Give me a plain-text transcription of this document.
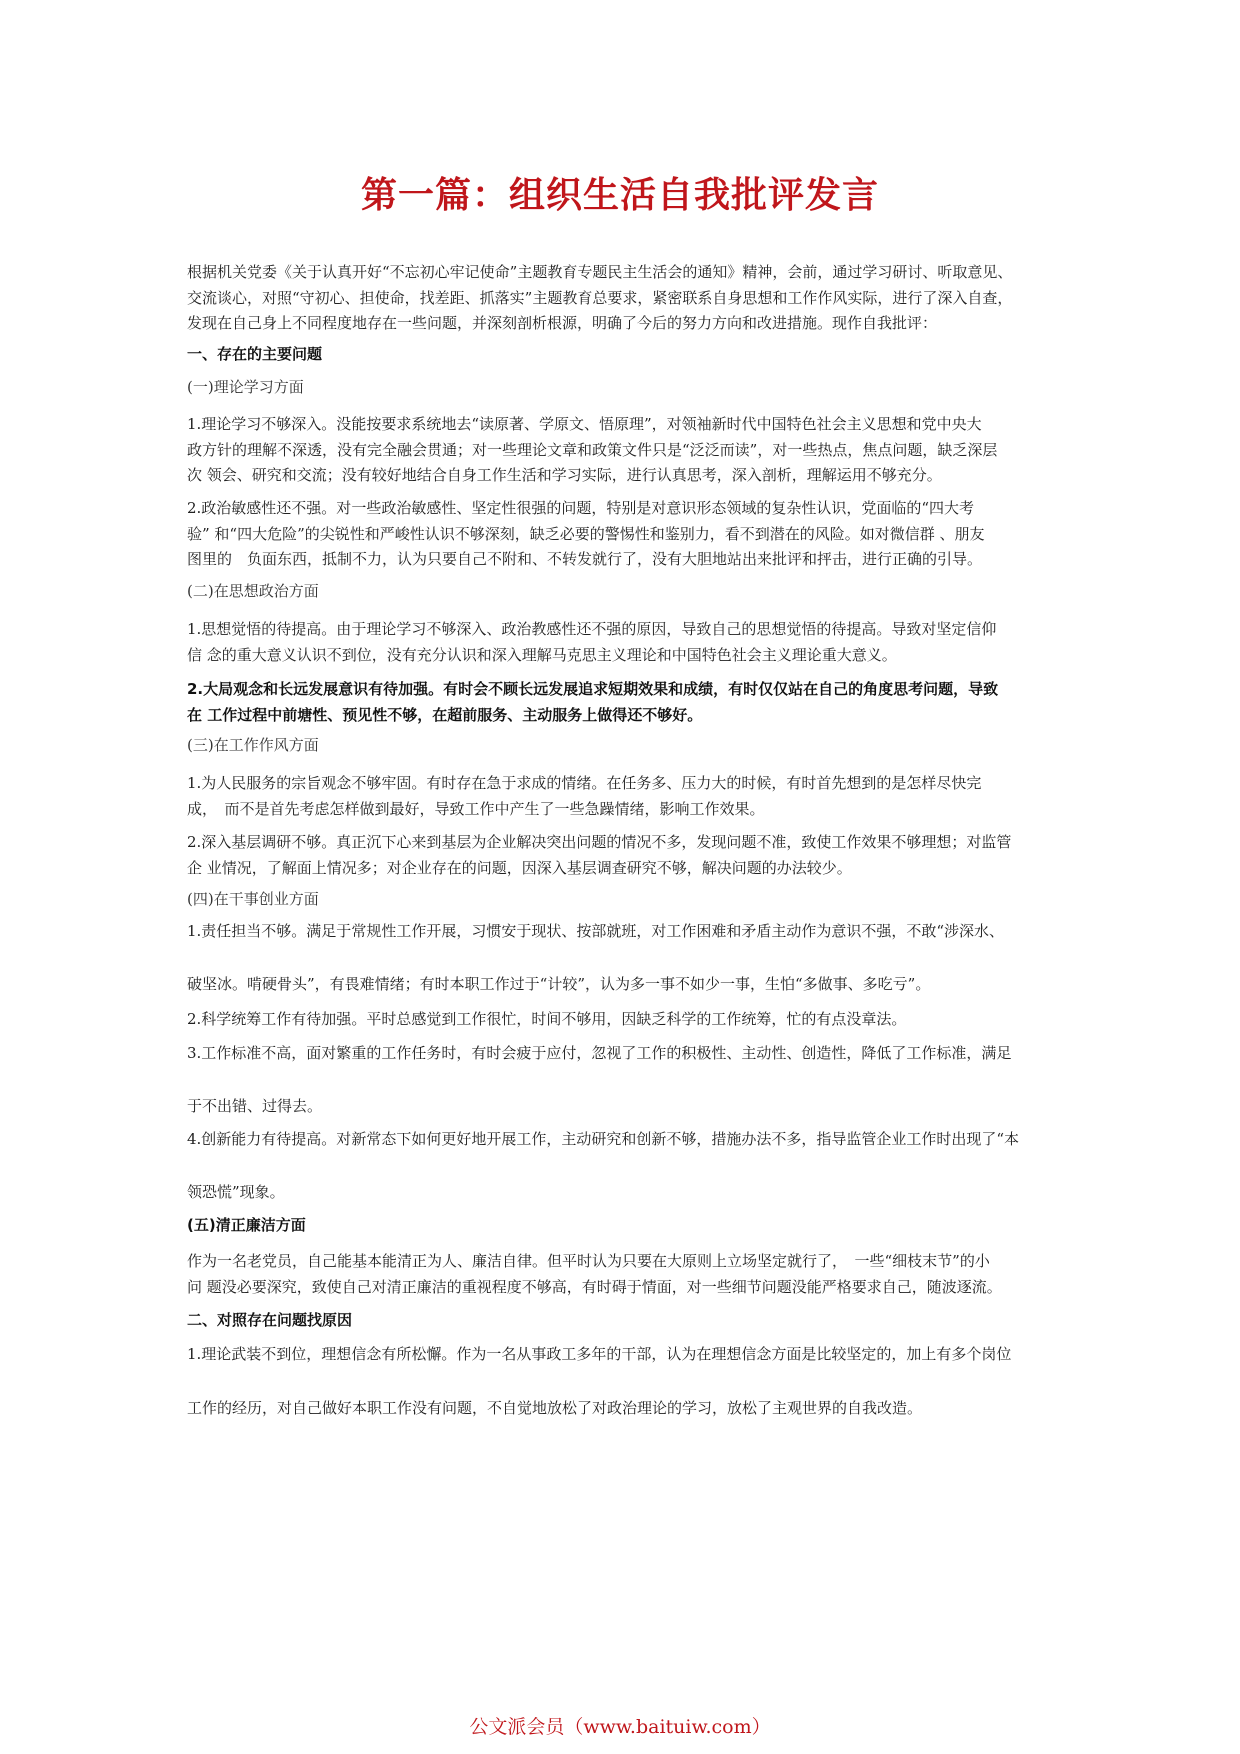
第一篇：组织生活自我批评发言

根据机关党委《关于认真开好“不忘初心牢记使命”主题教育专题民主生活会的通知》精神，会前，通过学习研讨、听取意见、
交流谈心，对照“守初心、担使命，找差距、抓落实”主题教育总要求，紧密联系自身思想和工作作风实际，进行了深入自查，
发现在自己身上不同程度地存在一些问题，并深刻剖析根源，明确了今后的努力方向和改进措施。现作自我批评：

一、存在的主要问题

(一)理论学习方面

1.理论学习不够深入。没能按要求系统地去“读原著、学原文、悟原理”，对领袖新时代中国特色社会主义思想和党中央大
政方针的理解不深透，没有完全融会贯通；对一些理论文章和政策文件只是“泛泛而读”，对一些热点，焦点问题，缺乏深层
次 领会、研究和交流；没有较好地结合自身工作生活和学习实际，进行认真思考，深入剖析，理解运用不够充分。

2.政治敏感性还不强。对一些政治敏感性、坚定性很强的问题，特别是对意识形态领域的复杂性认识，党面临的“四大考
验” 和“四大危险”的尖锐性和严峻性认识不够深刻，缺乏必要的警惕性和鉴别力，看不到潜在的风险。如对微信群 、朋友
图里的　负面东西，抵制不力，认为只要自己不附和、不转发就行了，没有大胆地站出来批评和抨击，进行正确的引导。

(二)在思想政治方面

1.思想觉悟的待提高。由于理论学习不够深入、政治教感性还不强的原因，导致自己的思想觉悟的待提高。导致对坚定信仰
信 念的重大意义认识不到位，没有充分认识和深入理解马克思主义理论和中国特色社会主义理论重大意义。

2.大局观念和长远发展意识有待加强。有时会不顾长远发展追求短期效果和成绩，有时仅仅站在自己的角度思考问题，导致
在 工作过程中前塘性、预见性不够，在超前服务、主动服务上做得还不够好。

(三)在工作作风方面

1.为人民服务的宗旨观念不够牢固。有时存在急于求成的情绪。在任务多、压力大的时候，有时首先想到的是怎样尽快完
成，　而不是首先考虑怎样做到最好，导致工作中产生了一些急躁情绪，影响工作效果。

2.深入基层调研不够。真正沉下心来到基层为企业解决突出问题的情况不多，发现问题不准，致使工作效果不够理想；对监管
企 业情况，了解面上情况多；对企业存在的问题，因深入基层调查研究不够，解决问题的办法较少。

(四)在干事创业方面

1.责任担当不够。满足于常规性工作开展，习惯安于现状、按部就班，对工作困难和矛盾主动作为意识不强，不敢“涉深水、

破坚冰。啃硬骨头”，有畏难情绪；有时本职工作过于“计较”，认为多一事不如少一事，生怕“多做事、多吃亏”。

2.科学统筹工作有待加强。平时总感觉到工作很忙，时间不够用，因缺乏科学的工作统筹，忙的有点没章法。

3.工作标准不高，面对繁重的工作任务时，有时会疲于应付，忽视了工作的积极性、主动性、创造性，降低了工作标准，满足

于不出错、过得去。

4.创新能力有待提高。对新常态下如何更好地开展工作，主动研究和创新不够，措施办法不多，指导监管企业工作时出现了“本

领恐慌”现象。

(五)清正廉洁方面

作为一名老党员，自己能基本能清正为人、廉洁自律。但平时认为只要在大原则上立场坚定就行了，　一些“细枝末节”的小
问 题没必要深究，致使自己对清正廉洁的重视程度不够高，有时碍于情面，对一些细节问题没能严格要求自己，随波逐流。

二、对照存在问题找原因

1.理论武装不到位，理想信念有所松懈。作为一名从事政工多年的干部，认为在理想信念方面是比较坚定的，加上有多个岗位

工作的经历，对自己做好本职工作没有问题，不自觉地放松了对政治理论的学习，放松了主观世界的自我改造。

公文派会员（www.baituiw.com）
